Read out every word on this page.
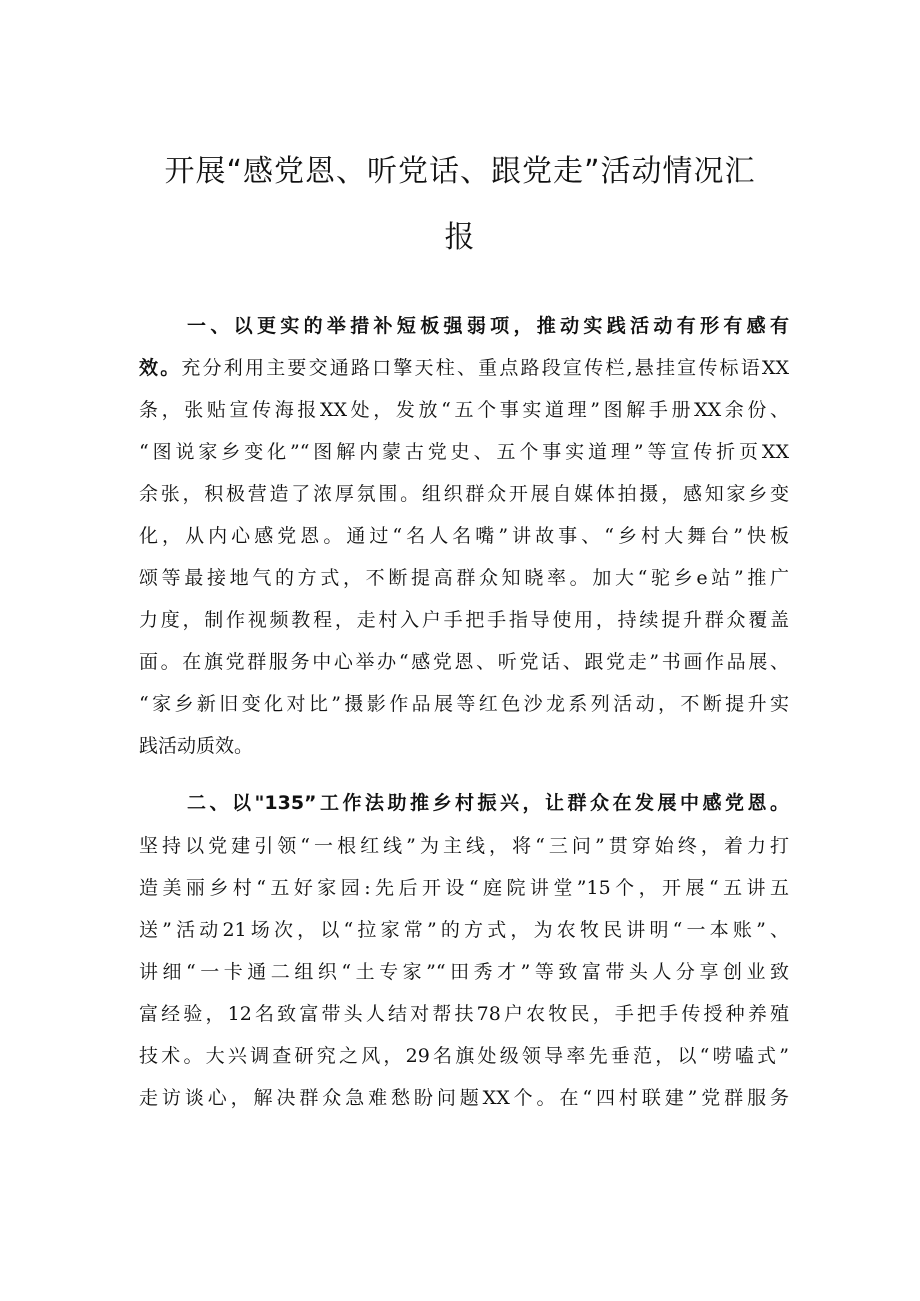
开展“感党恩、听党话、跟党走”活动情况汇
报
一、以更实的举措补短板强弱项，推动实践活动有形有感有
效。充分利用主要交通路口擎天柱、重点路段宣传栏,悬挂宣传标语XX
条，张贴宣传海报XX处，发放“五个事实道理”图解手册XX余份、
“图说家乡变化”“图解内蒙古党史、五个事实道理”等宣传折页XX
余张，积极营造了浓厚氛围。组织群众开展自媒体拍摄，感知家乡变
化，从内心感党恩。通过“名人名嘴”讲故事、“乡村大舞台”快板
颂等最接地气的方式，不断提高群众知晓率。加大“驼乡e站”推广
力度，制作视频教程，走村入户手把手指导使用，持续提升群众覆盖
面。在旗党群服务中心举办“感党恩、听党话、跟党走”书画作品展、
“家乡新旧变化对比”摄影作品展等红色沙龙系列活动，不断提升实
践活动质效。
二、以"135”工作法助推乡村振兴，让群众在发展中感党恩。
坚持以党建引领“一根红线”为主线，将“三问”贯穿始终，着力打
造美丽乡村“五好家园:先后开设“庭院讲堂”15个，开展“五讲五
送”活动21场次，以“拉家常”的方式，为农牧民讲明“一本账”、
讲细“一卡通二组织“土专家”“田秀才”等致富带头人分享创业致
富经验，12名致富带头人结对帮扶78户农牧民，手把手传授种养殖
技术。大兴调查研究之风，29名旗处级领导率先垂范，以“唠嗑式”
走访谈心，解决群众急难愁盼问题XX个。在“四村联建”党群服务
